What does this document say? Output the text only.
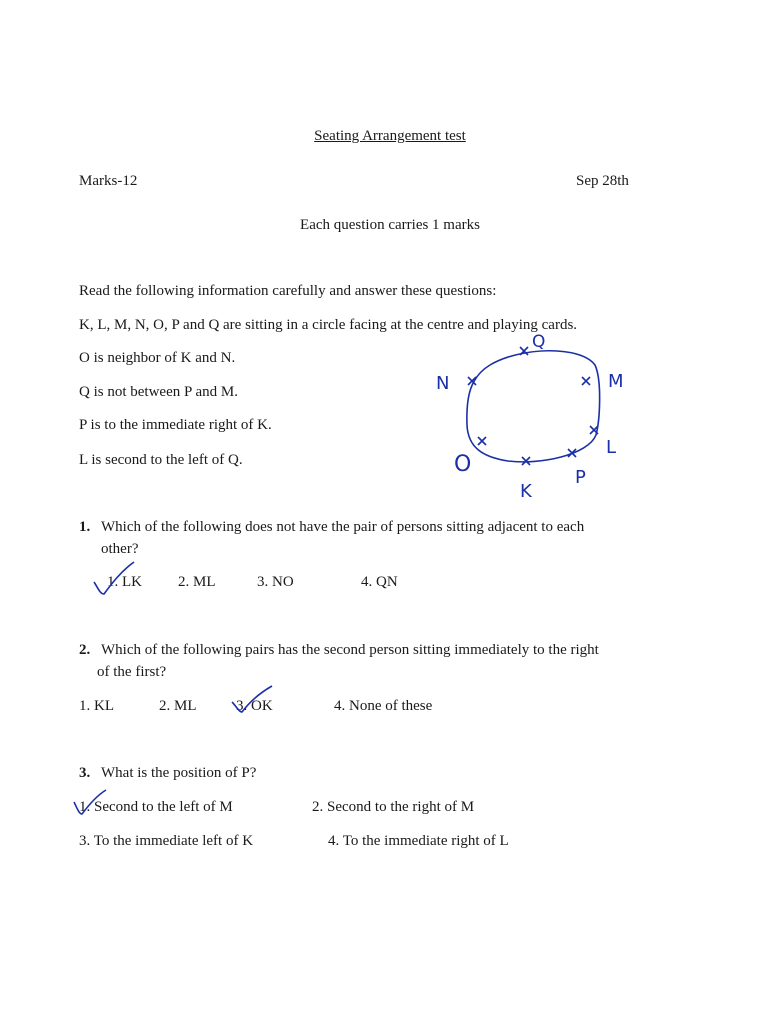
Seating Arrangement test
Marks-12	Sep 28th
Each question carries 1 marks
Read the following information carefully and answer these questions:
K, L, M, N, O, P and Q are sitting in a circle facing at the centre and playing cards.
O is neighbor of K and N.
Q is not between P and M.
P is to the immediate right of K.
L is second to the left of Q.
Q
M
L
P
K
O
N
1. Which of the following does not have the pair of persons sitting adjacent to each
other?
1. LK 2. ML	3. NO	4. QN
2. Which of the following pairs has the second person sitting immediately to the right
of the first?
1. KL	2. ML	3. OK	4. None of these
3. What is the position of P?
1. Second to the left of M	2. Second to the right of M
3. To the immediate left of K	4. To the immediate right of L
